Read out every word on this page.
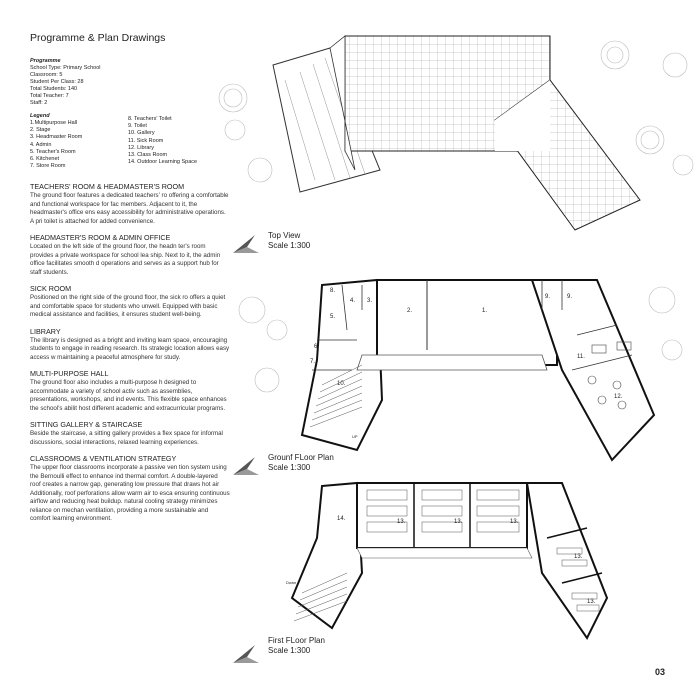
Programme & Plan Drawings

Programme

School Type: Primary School

Classroom: 5

Student Per Class: 28

Total Students: 140

Total Teacher: 7

Staff: 2

Legend

1.Multipurpose Hall
2. Stage
3. Headmaster Room
4. Admin
5. Teacher's Room
6. Kitchenet
7. Store Room
8. Teachers' Toilet
9. Toilet
10. Gallery
11. Sick Room
12. Library
13. Class Room
14. Outdoor Learning Space

TEACHERS' ROOM & HEADMASTER'S ROOM

The ground floor features a dedicated teachers' ro offering a comfortable and functional workspace for fac members. Adjacent to it, the headmaster's office ens easy accessibility for administrative operations. A pri toilet is attached for added convenience.

HEADMASTER'S ROOM & ADMIN OFFICE

Located on the left side of the ground floor, the headn ter's room provides a private workspace for school lea ship. Next to it, the admin office facilitates smooth d operations and serves as a support hub for staff students.

SICK ROOM

Positioned on the right side of the ground floor, the sick ro offers a quiet and comfortable space for students who unwell. Equipped with basic medical assistance and facilities, it ensures student well-being.

LIBRARY

The library is designed as a bright and inviting learn space, encouraging students to engage in reading research. Its strategic location allows easy access w maintaining a peaceful atmosphere for study.

MULTI-PURPOSE HALL

The ground floor also includes a multi-purpose h designed to accommodate a variety of school activ such as assemblies, presentations, workshops, and ind events. This flexible space enhances the school's abilit host different academic and extracurricular programs.

SITTING GALLERY & STAIRCASE

Beside the staircase, a sitting gallery provides a flex space for informal discussions, social interactions, relaxed learning experiences.

CLASSROOMS & VENTILATION STRATEGY

The upper floor classrooms incorporate a passive ven tion system using the Bernoulli effect to enhance ind thermal comfort. A double-layered roof creates a narrow gap, generating low pressure that draws hot air Additionally, roof perforations allow warm air to esca ensuring continuous airflow and reducing heat buildup. natural cooling strategy minimizes reliance on mechan ventilation, providing a more sustainable and comfort learning environment.

Top View
Scale 1:300
1.
2.
3.
4.
5.
6.
7.
8.
9.	9.
10.
11.
12.
UP
Grounf FLoor Plan
Scale 1:300
14.	13.	13.	13.
13.
13.
Down
First FLoor Plan
Scale 1:300
03
